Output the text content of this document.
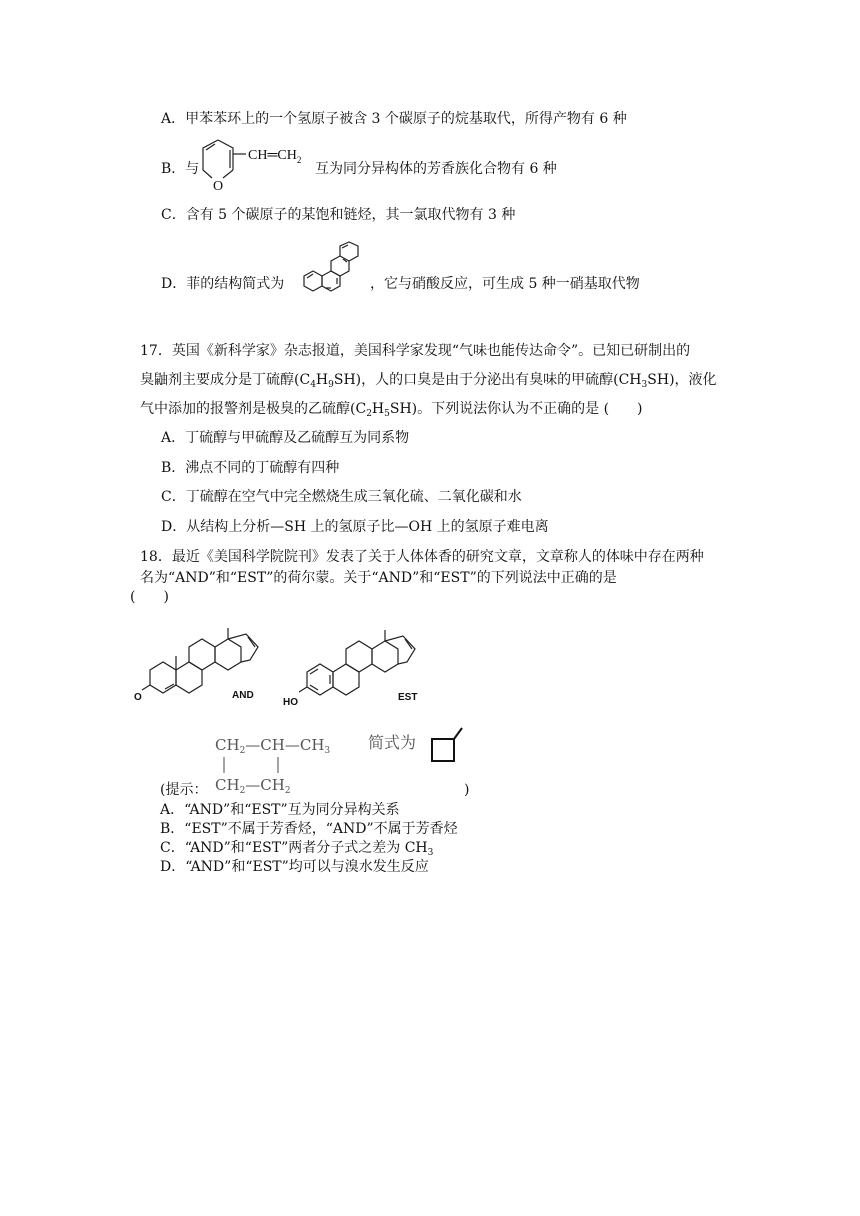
A．甲苯苯环上的一个氢原子被含 3 个碳原子的烷基取代，所得产物有 6 种
B．与
O
$CH═CH_2$
互为同分异构体的芳香族化合物有 6 种
C．含有 5 个碳原子的某饱和链烃，其一氯取代物有 3 种
D．菲的结构简式为	，它与硝酸反应，可生成 5 种一硝基取代物
17．英国《新科学家》杂志报道，美国科学家发现“气味也能传达命令”。已知已研制出的
臭鼬剂主要成分是丁硫醇$(C_4H_9SH)$，人的口臭是由于分泌出有臭味的甲硫醇$(CH_3SH)$，液化
气中添加的报警剂是极臭的乙硫醇$(C_2H_5SH)$。下列说法你认为不正确的是 (　　)
A．丁硫醇与甲硫醇及乙硫醇互为同系物
B．沸点不同的丁硫醇有四种
C．丁硫醇在空气中完全燃烧生成三氧化硫、二氧化碳和水
D．从结构上分析—SH 上的氢原子比—OH 上的氢原子难电离
18．最近《美国科学院院刊》发表了关于人体体香的研究文章，文章称人的体味中存在两种
名为“AND”和“EST”的荷尔蒙。关于“AND”和“EST”的下列说法中正确的是
(　　)
O	AND
HO	EST
$CH_2—CH—CH_3$ 简式为
(提示： $CH_2—CH_2$	)
A．“AND”和“EST”互为同分异构关系
B．“EST”不属于芳香烃，“AND”不属于芳香烃
C．“AND”和“EST”两者分子式之差为 $CH_3$
D．“AND”和“EST”均可以与溴水发生反应
